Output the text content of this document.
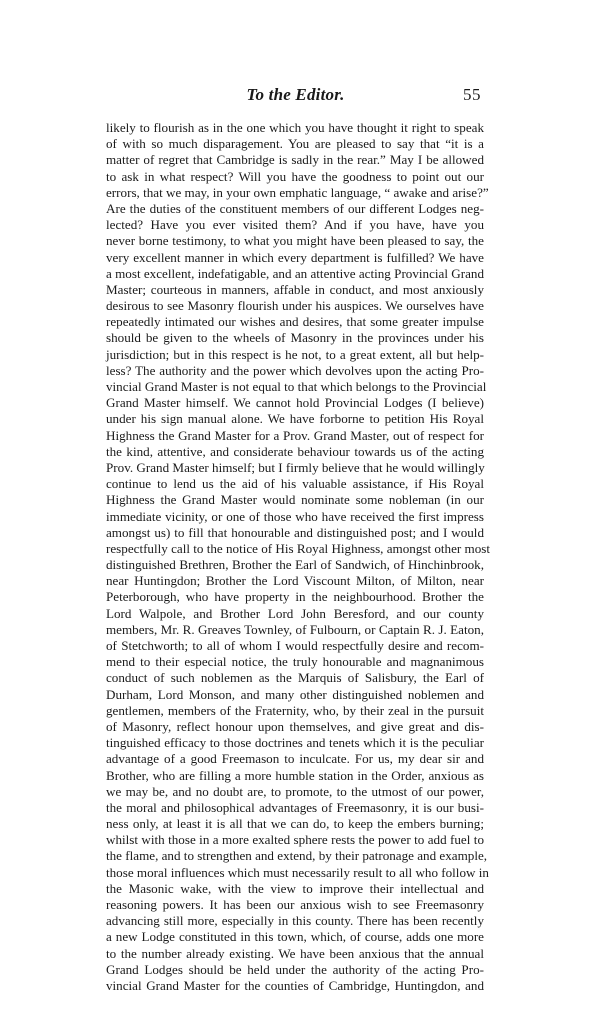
To the Editor.	55
likely to flourish as in the one which you have thought it right to speak
of with so much disparagement. You are pleased to say that “it is a
matter of regret that Cambridge is sadly in the rear.” May I be allowed
to ask in what respect? Will you have the goodness to point out our
errors, that we may, in your own emphatic language, “ awake and arise?”
Are the duties of the constituent members of our different Lodges neg-
lected? Have you ever visited them? And if you have, have you
never borne testimony, to what you might have been pleased to say, the
very excellent manner in which every department is fulfilled? We have
a most excellent, indefatigable, and an attentive acting Provincial Grand
Master; courteous in manners, affable in conduct, and most anxiously
desirous to see Masonry flourish under his auspices. We ourselves have
repeatedly intimated our wishes and desires, that some greater impulse
should be given to the wheels of Masonry in the provinces under his
jurisdiction; but in this respect is he not, to a great extent, all but help-
less? The authority and the power which devolves upon the acting Pro-
vincial Grand Master is not equal to that which belongs to the Provincial
Grand Master himself. We cannot hold Provincial Lodges (I believe)
under his sign manual alone. We have forborne to petition His Royal
Highness the Grand Master for a Prov. Grand Master, out of respect for
the kind, attentive, and considerate behaviour towards us of the acting
Prov. Grand Master himself; but I firmly believe that he would willingly
continue to lend us the aid of his valuable assistance, if His Royal
Highness the Grand Master would nominate some nobleman (in our
immediate vicinity, or one of those who have received the first impress
amongst us) to fill that honourable and distinguished post; and I would
respectfully call to the notice of His Royal Highness, amongst other most
distinguished Brethren, Brother the Earl of Sandwich, of Hinchinbrook,
near Huntingdon; Brother the Lord Viscount Milton, of Milton, near
Peterborough, who have property in the neighbourhood. Brother the
Lord Walpole, and Brother Lord John Beresford, and our county
members, Mr. R. Greaves Townley, of Fulbourn, or Captain R. J. Eaton,
of Stetchworth; to all of whom I would respectfully desire and recom-
mend to their especial notice, the truly honourable and magnanimous
conduct of such noblemen as the Marquis of Salisbury, the Earl of
Durham, Lord Monson, and many other distinguished noblemen and
gentlemen, members of the Fraternity, who, by their zeal in the pursuit
of Masonry, reflect honour upon themselves, and give great and dis-
tinguished efficacy to those doctrines and tenets which it is the peculiar
advantage of a good Freemason to inculcate. For us, my dear sir and
Brother, who are filling a more humble station in the Order, anxious as
we may be, and no doubt are, to promote, to the utmost of our power,
the moral and philosophical advantages of Freemasonry, it is our busi-
ness only, at least it is all that we can do, to keep the embers burning;
whilst with those in a more exalted sphere rests the power to add fuel to
the flame, and to strengthen and extend, by their patronage and example,
those moral influences which must necessarily result to all who follow in
the Masonic wake, with the view to improve their intellectual and
reasoning powers. It has been our anxious wish to see Freemasonry
advancing still more, especially in this county. There has been recently
a new Lodge constituted in this town, which, of course, adds one more
to the number already existing. We have been anxious that the annual
Grand Lodges should be held under the authority of the acting Pro-
vincial Grand Master for the counties of Cambridge, Huntingdon, and
